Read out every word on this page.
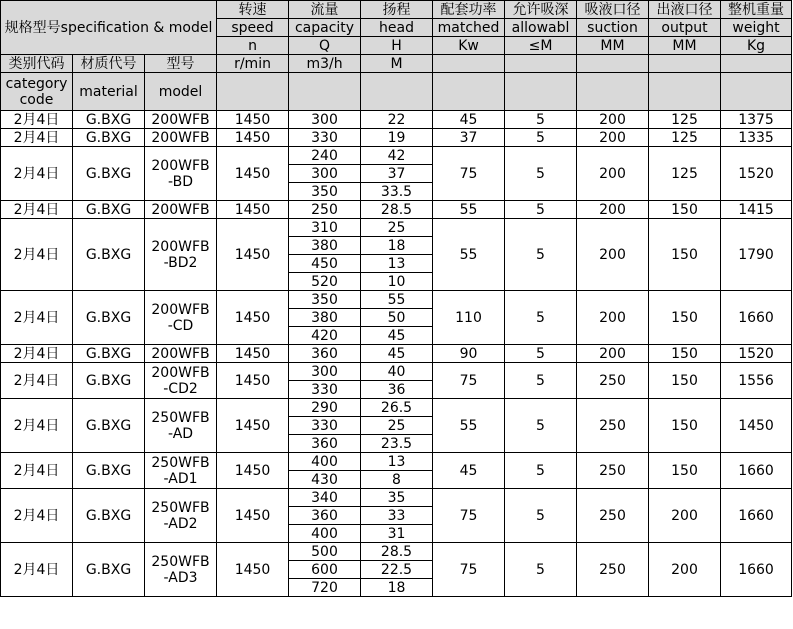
规格型号specification & model			转速	流量	扬程	配套功率	允许吸深	吸液口径	出液口径	整机重量
			speed	capacity	head	matched	allowabl	suction	output	weight
			n	Q	H	Kw	≤M	MM	MM	Kg
类别代码	材质代号	型号	r/min	m3/h	M					
category code	material	model								
2月4日	G.BXG	200WFB	1450	300	22	45	5	200	125	1375
2月4日	G.BXG	200WFB	1450	330	19	37	5	200	125	1335
2月4日	G.BXG	200WFB -BD	1450	240	42	75	5	200	125	1520
				300	37					
				350	33.5					
2月4日	G.BXG	200WFB	1450	250	28.5	55	5	200	150	1415
2月4日	G.BXG	200WFB -BD2	1450	310	25	55	5	200	150	1790
				380	18					
				450	13					
				520	10					
2月4日	G.BXG	200WFB -CD	1450	350	55	110	5	200	150	1660
				380	50					
				420	45					
2月4日	G.BXG	200WFB	1450	360	45	90	5	200	150	1520
2月4日	G.BXG	200WFB -CD2	1450	300	40	75	5	250	150	1556
				330	36					
2月4日	G.BXG	250WFB -AD	1450	290	26.5	55	5	250	150	1450
				330	25					
				360	23.5					
2月4日	G.BXG	250WFB -AD1	1450	400	13	45	5	250	150	1660
				430	8					
2月4日	G.BXG	250WFB -AD2	1450	340	35	75	5	250	200	1660
				360	33					
				400	31					
2月4日	G.BXG	250WFB -AD3	1450	500	28.5	75	5	250	200	1660
				600	22.5					
				720	18					
